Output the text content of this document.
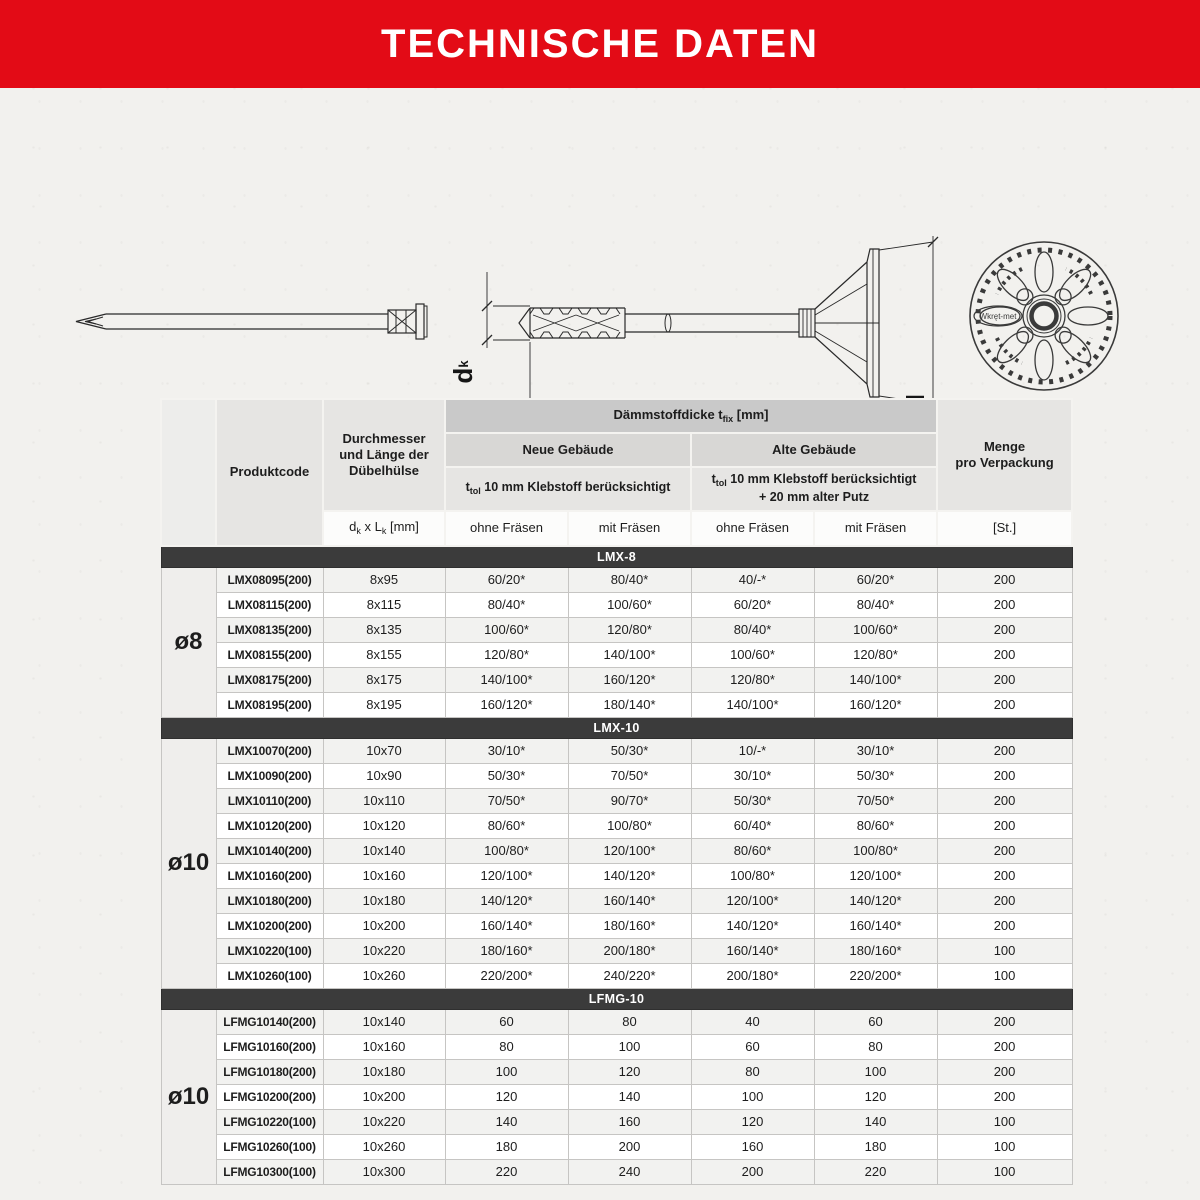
TECHNISCHE DATEN
Wkręt-met
d
k
	Produktcode	Durchmesser
und Länge der
Dübelhülse	Dämmstoffdicke $t_{fix}$ [mm]				Menge
pro Verpackung
			Neue Gebäude		Alte Gebäude		
			$t_{tol}$ 10 mm Klebstoff berücksichtigt		$t_{tol}$ 10 mm Klebstoff berücksichtigt
+ 20 mm alter Putz		
		$d_k$ x $L_k$ [mm]	ohne Fräsen	mit Fräsen	ohne Fräsen	mit Fräsen	[St.]
LMX-8							
ø8	LMX08095(200)	8x95	60/20*	80/40*	40/-*	60/20*	200
	LMX08115(200)	8x115	80/40*	100/60*	60/20*	80/40*	200
	LMX08135(200)	8x135	100/60*	120/80*	80/40*	100/60*	200
	LMX08155(200)	8x155	120/80*	140/100*	100/60*	120/80*	200
	LMX08175(200)	8x175	140/100*	160/120*	120/80*	140/100*	200
	LMX08195(200)	8x195	160/120*	180/140*	140/100*	160/120*	200
LMX-10							
ø10	LMX10070(200)	10x70	30/10*	50/30*	10/-*	30/10*	200
	LMX10090(200)	10x90	50/30*	70/50*	30/10*	50/30*	200
	LMX10110(200)	10x110	70/50*	90/70*	50/30*	70/50*	200
	LMX10120(200)	10x120	80/60*	100/80*	60/40*	80/60*	200
	LMX10140(200)	10x140	100/80*	120/100*	80/60*	100/80*	200
	LMX10160(200)	10x160	120/100*	140/120*	100/80*	120/100*	200
	LMX10180(200)	10x180	140/120*	160/140*	120/100*	140/120*	200
	LMX10200(200)	10x200	160/140*	180/160*	140/120*	160/140*	200
	LMX10220(100)	10x220	180/160*	200/180*	160/140*	180/160*	100
	LMX10260(100)	10x260	220/200*	240/220*	200/180*	220/200*	100
LFMG-10							
ø10	LFMG10140(200)	10x140	60	80	40	60	200
	LFMG10160(200)	10x160	80	100	60	80	200
	LFMG10180(200)	10x180	100	120	80	100	200
	LFMG10200(200)	10x200	120	140	100	120	200
	LFMG10220(100)	10x220	140	160	120	140	100
	LFMG10260(100)	10x260	180	200	160	180	100
	LFMG10300(100)	10x300	220	240	200	220	100
